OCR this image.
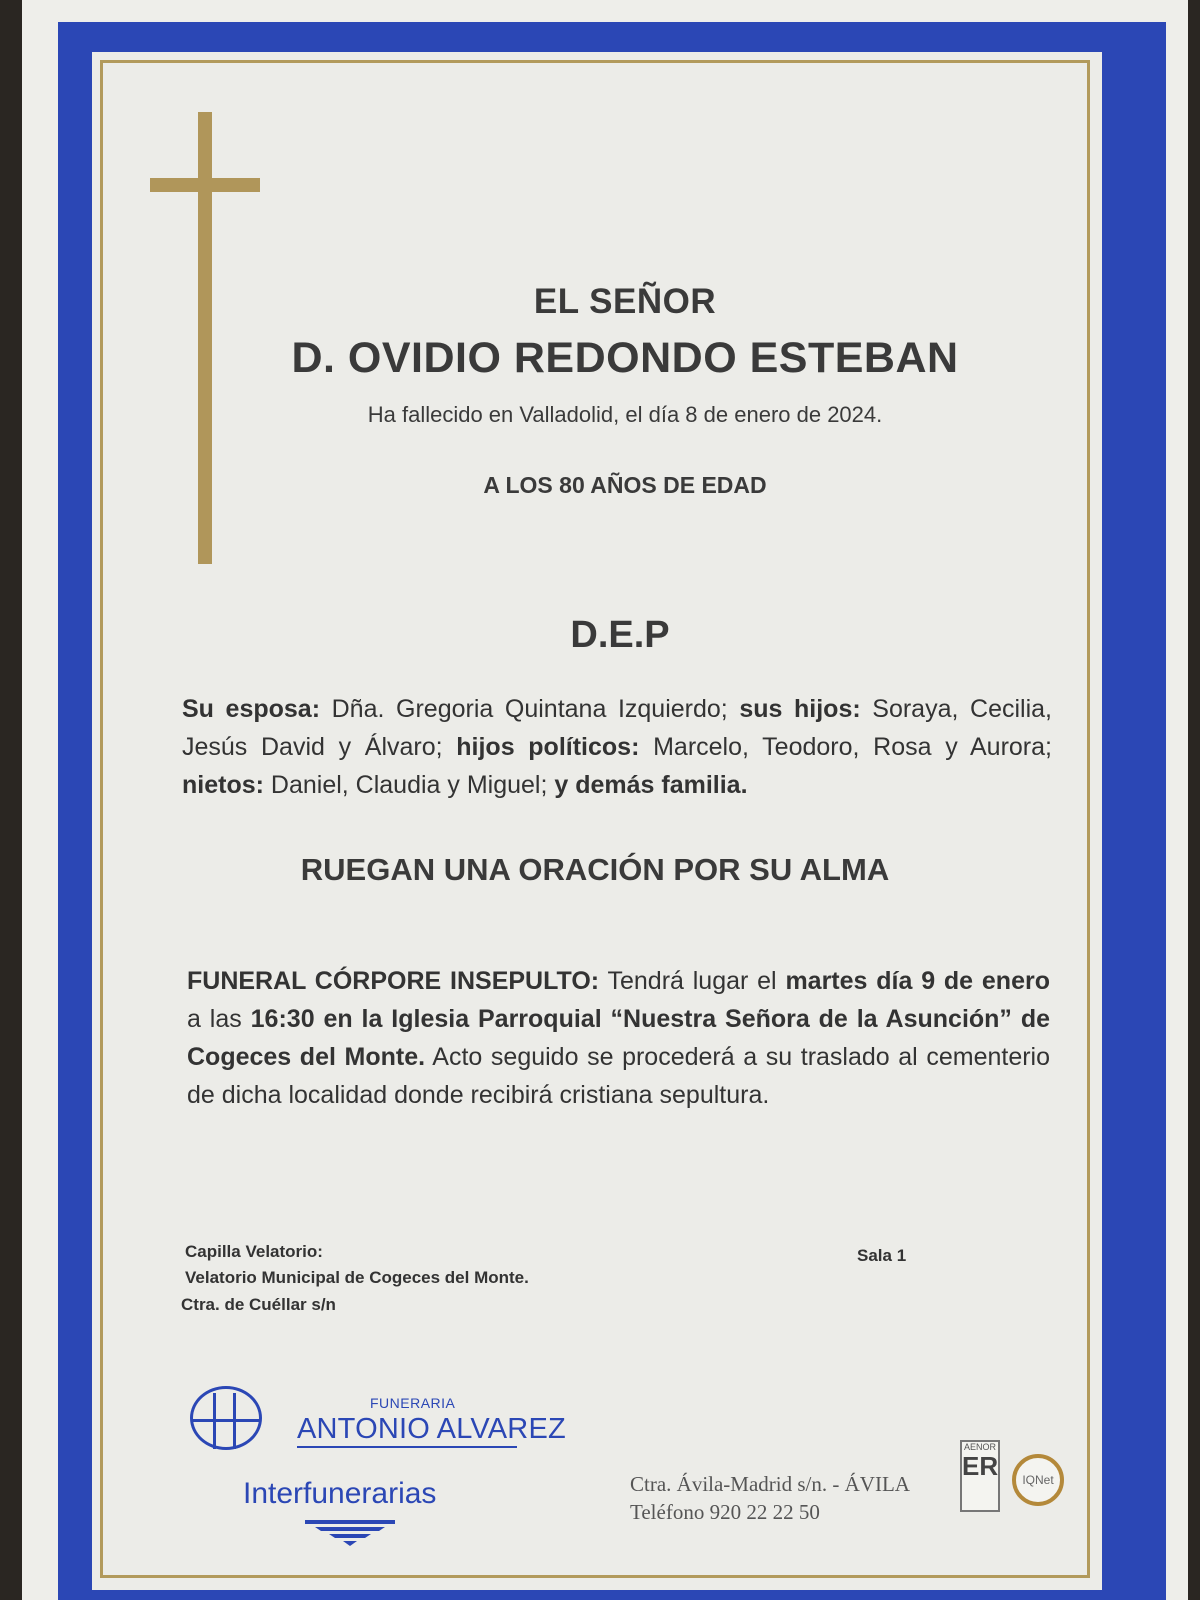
EL SEÑOR
D. OVIDIO REDONDO ESTEBAN
Ha fallecido en Valladolid, el día 8 de enero de 2024.
A LOS 80 AÑOS DE EDAD
D.E.P
Su esposa: Dña. Gregoria Quintana Izquierdo; sus hijos: Soraya, Cecilia, Jesús David y Álvaro; hijos políticos: Marcelo, Teodoro, Rosa y Aurora; nietos: Daniel, Claudia y Miguel; y demás familia.
RUEGAN UNA ORACIÓN POR SU ALMA
FUNERAL CÓRPORE INSEPULTO: Tendrá lugar el martes día 9 de enero a las 16:30 en la Iglesia Parroquial “Nuestra Señora de la Asunción” de Cogeces del Monte. Acto seguido se procederá a su traslado al cementerio de dicha localidad donde recibirá cristiana sepultura.
Capilla Velatorio:
Velatorio Municipal de Cogeces del Monte.
Ctra. de Cuéllar s/n
Sala 1
FUNERARIA
ANTONIO ALVAREZ
Interfunerarias	Ctra. Ávila-Madrid s/n. - ÁVILA
Teléfono 920 22 22 50
AENOR
ER	IQNet
